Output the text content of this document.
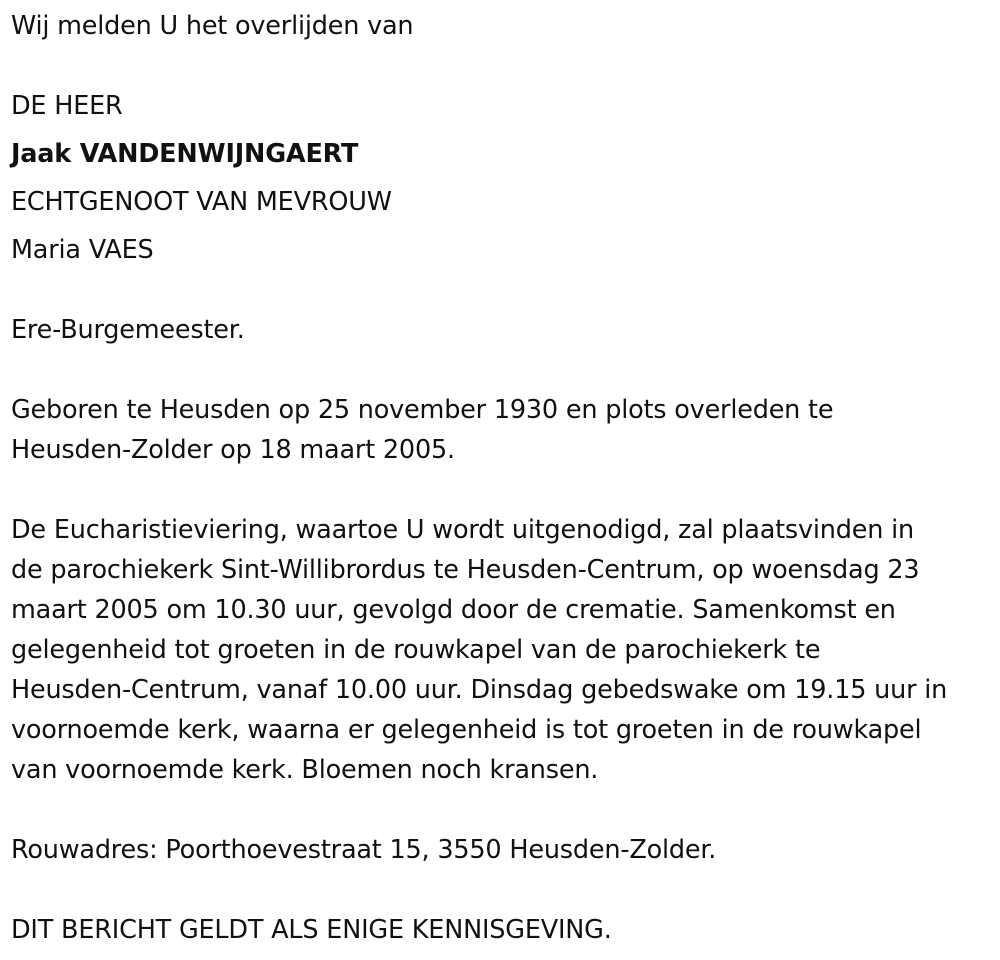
Wij melden U het overlijden van
DE HEER
Jaak VANDENWIJNGAERT
ECHTGENOOT VAN MEVROUW
Maria VAES
Ere-Burgemeester.
Geboren te Heusden op 25 november 1930 en plots overleden te
Heusden-Zolder op 18 maart 2005.
De Eucharistieviering, waartoe U wordt uitgenodigd, zal plaatsvinden in
de parochiekerk Sint-Willibrordus te Heusden-Centrum, op woensdag 23
maart 2005 om 10.30 uur, gevolgd door de crematie. Samenkomst en
gelegenheid tot groeten in de rouwkapel van de parochiekerk te
Heusden-Centrum, vanaf 10.00 uur. Dinsdag gebedswake om 19.15 uur in
voornoemde kerk, waarna er gelegenheid is tot groeten in de rouwkapel
van voornoemde kerk. Bloemen noch kransen.
Rouwadres: Poorthoevestraat 15, 3550 Heusden-Zolder.
DIT BERICHT GELDT ALS ENIGE KENNISGEVING.
